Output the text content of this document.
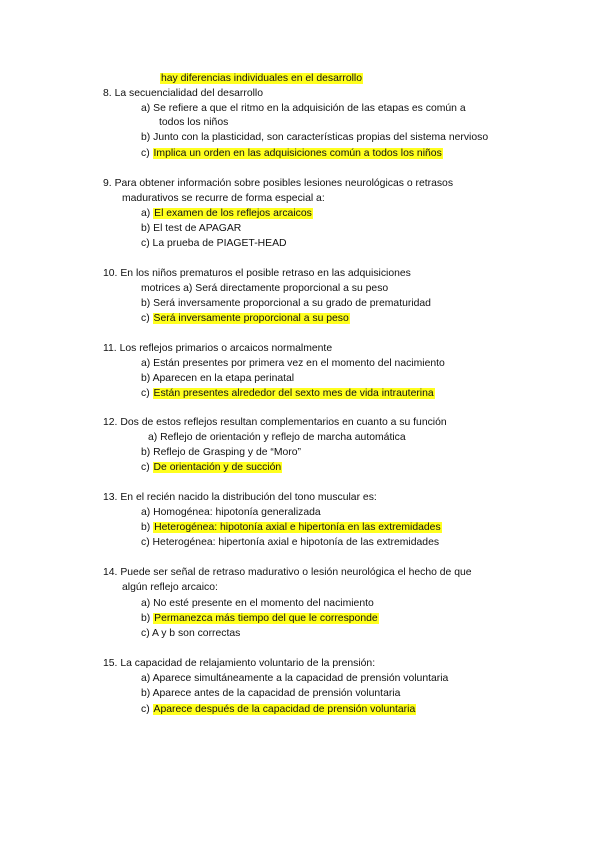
hay diferencias individuales en el desarrollo
8. La secuencialidad del desarrollo
a) Se refiere a que el ritmo en la adquisición de las etapas es común a
todos los niños
b) Junto con la plasticidad, son características propias del sistema nervioso
c) Implica un orden en las adquisiciones común a todos los niños
9. Para obtener información sobre posibles lesiones neurológicas o retrasos
madurativos se recurre de forma especial a:
a) El examen de los reflejos arcaicos
b) El test de APAGAR
c) La prueba de PIAGET-HEAD
10. En los niños prematuros el posible retraso en las adquisiciones
motrices a) Será directamente proporcional a su peso
b) Será inversamente proporcional a su grado de prematuridad
c) Será inversamente proporcional a su peso
11. Los reflejos primarios o arcaicos normalmente
a) Están presentes por primera vez en el momento del nacimiento
b) Aparecen en la etapa perinatal
c) Están presentes alrededor del sexto mes de vida intrauterina
12. Dos de estos reflejos resultan complementarios en cuanto a su función
a) Reflejo de orientación y reflejo de marcha automática
b) Reflejo de Grasping y de “Moro”
c) De orientación y de succión
13. En el recién nacido la distribución del tono muscular es:
a) Homogénea: hipotonía generalizada
b) Heterogénea: hipotonía axial e hipertonía en las extremidades
c) Heterogénea: hipertonía axial e hipotonía de las extremidades
14. Puede ser señal de retraso madurativo o lesión neurológica el hecho de que
algún reflejo arcaico:
a) No esté presente en el momento del nacimiento
b) Permanezca más tiempo del que le corresponde
c) A y b son correctas
15. La capacidad de relajamiento voluntario de la prensión:
a) Aparece simultáneamente a la capacidad de prensión voluntaria
b) Aparece antes de la capacidad de prensión voluntaria
c) Aparece después de la capacidad de prensión voluntaria
